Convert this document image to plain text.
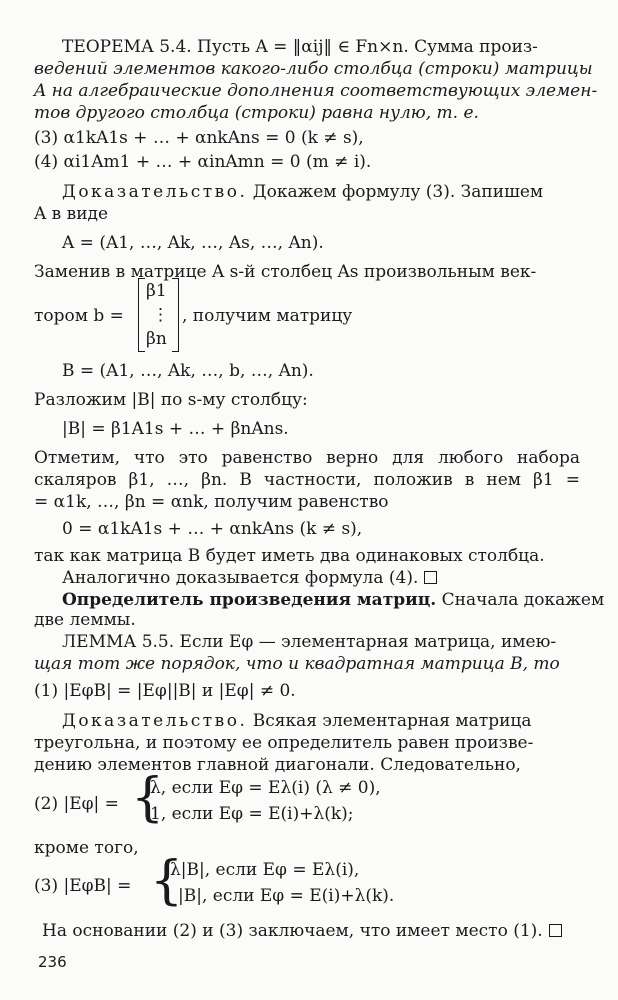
ТЕОРЕМА 5.4. Пусть A = ‖αij‖ ∈ Fn×n. Сумма произ-
ведений элементов какого-либо столбца (строки) матрицы
A на алгебраические дополнения соответствующих элемен-
тов другого столбца (строки) равна нулю, т. е.
(3) α1kA1s + … + αnkAns = 0 (k ≠ s),
(4) αi1Am1 + … + αinAmn = 0 (m ≠ i).
Доказательство. Докажем формулу (3). Запишем
A в виде
A = (A1, …, Ak, …, As, …, An).
Заменив в матрице A s-й столбец As произвольным век-
тором b =
β1
⋮
βn
, получим матрицу
B = (A1, …, Ak, …, b, …, An).
Разложим |B| по s-му столбцу:
|B| = β1A1s + … + βnAns.
Отметим, что это равенство верно для любого набора
скаляров β1, …, βn. В частности, положив в нем β1 =
= α1k, …, βn = αnk, получим равенство
0 = α1kA1s + … + αnkAns (k ≠ s),
так как матрица B будет иметь два одинаковых столбца.
Аналогично доказывается формула (4).
Определитель произведения матриц. Сначала докажем
две леммы.
ЛЕММА 5.5. Если Eφ — элементарная матрица, имею-
щая тот же порядок, что и квадратная матрица B, то
(1) |EφB| = |Eφ||B| и |Eφ| ≠ 0.
Доказательство. Всякая элементарная матрица
треугольна, и поэтому ее определитель равен произве-
дению элементов главной диагонали. Следовательно,
(2) |Eφ| = {
λ, если Eφ = Eλ(i) (λ ≠ 0),
1, если Eφ = E(i)+λ(k);
кроме того,
(3) |EφB| = {
λ|B|, если Eφ = Eλ(i),
|B|, если Eφ = E(i)+λ(k).
На основании (2) и (3) заключаем, что имеет место (1).
236
